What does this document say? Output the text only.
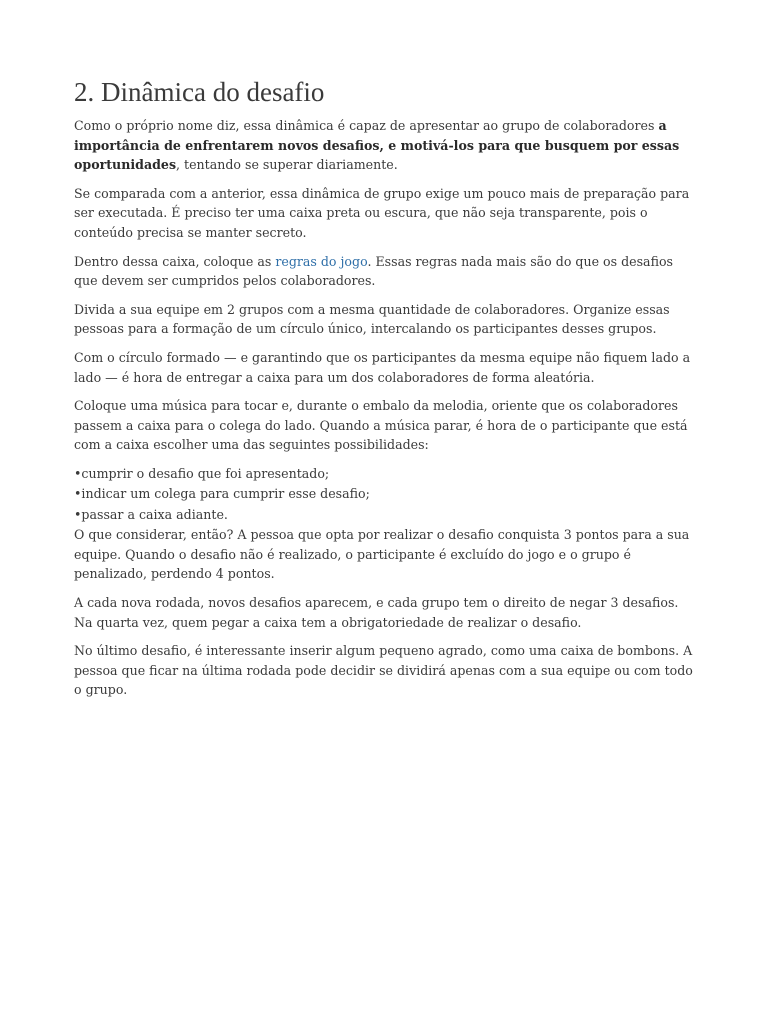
2. Dinâmica do desafio

Como o próprio nome diz, essa dinâmica é capaz de apresentar ao grupo de colaboradores a importância de enfrentarem novos desafios, e motivá-los para que busquem por essas oportunidades, tentando se superar diariamente.

Se comparada com a anterior, essa dinâmica de grupo exige um pouco mais de preparação para ser executada. É preciso ter uma caixa preta ou escura, que não seja transparente, pois o conteúdo precisa se manter secreto.

Dentro dessa caixa, coloque as regras do jogo. Essas regras nada mais são do que os desafios que devem ser cumpridos pelos colaboradores.

Divida a sua equipe em 2 grupos com a mesma quantidade de colaboradores. Organize essas pessoas para a formação de um círculo único, intercalando os participantes desses grupos.

Com o círculo formado — e garantindo que os participantes da mesma equipe não fiquem lado a lado — é hora de entregar a caixa para um dos colaboradores de forma aleatória.

Coloque uma música para tocar e, durante o embalo da melodia, oriente que os colaboradores passem a caixa para o colega do lado. Quando a música parar, é hora de o participante que está com a caixa escolher uma das seguintes possibilidades:

•cumprir o desafio que foi apresentado;
•indicar um colega para cumprir esse desafio;
•passar a caixa adiante.

O que considerar, então? A pessoa que opta por realizar o desafio conquista 3 pontos para a sua equipe. Quando o desafio não é realizado, o participante é excluído do jogo e o grupo é penalizado, perdendo 4 pontos.

A cada nova rodada, novos desafios aparecem, e cada grupo tem o direito de negar 3 desafios. Na quarta vez, quem pegar a caixa tem a obrigatoriedade de realizar o desafio.

No último desafio, é interessante inserir algum pequeno agrado, como uma caixa de bombons. A pessoa que ficar na última rodada pode decidir se dividirá apenas com a sua equipe ou com todo o grupo.
